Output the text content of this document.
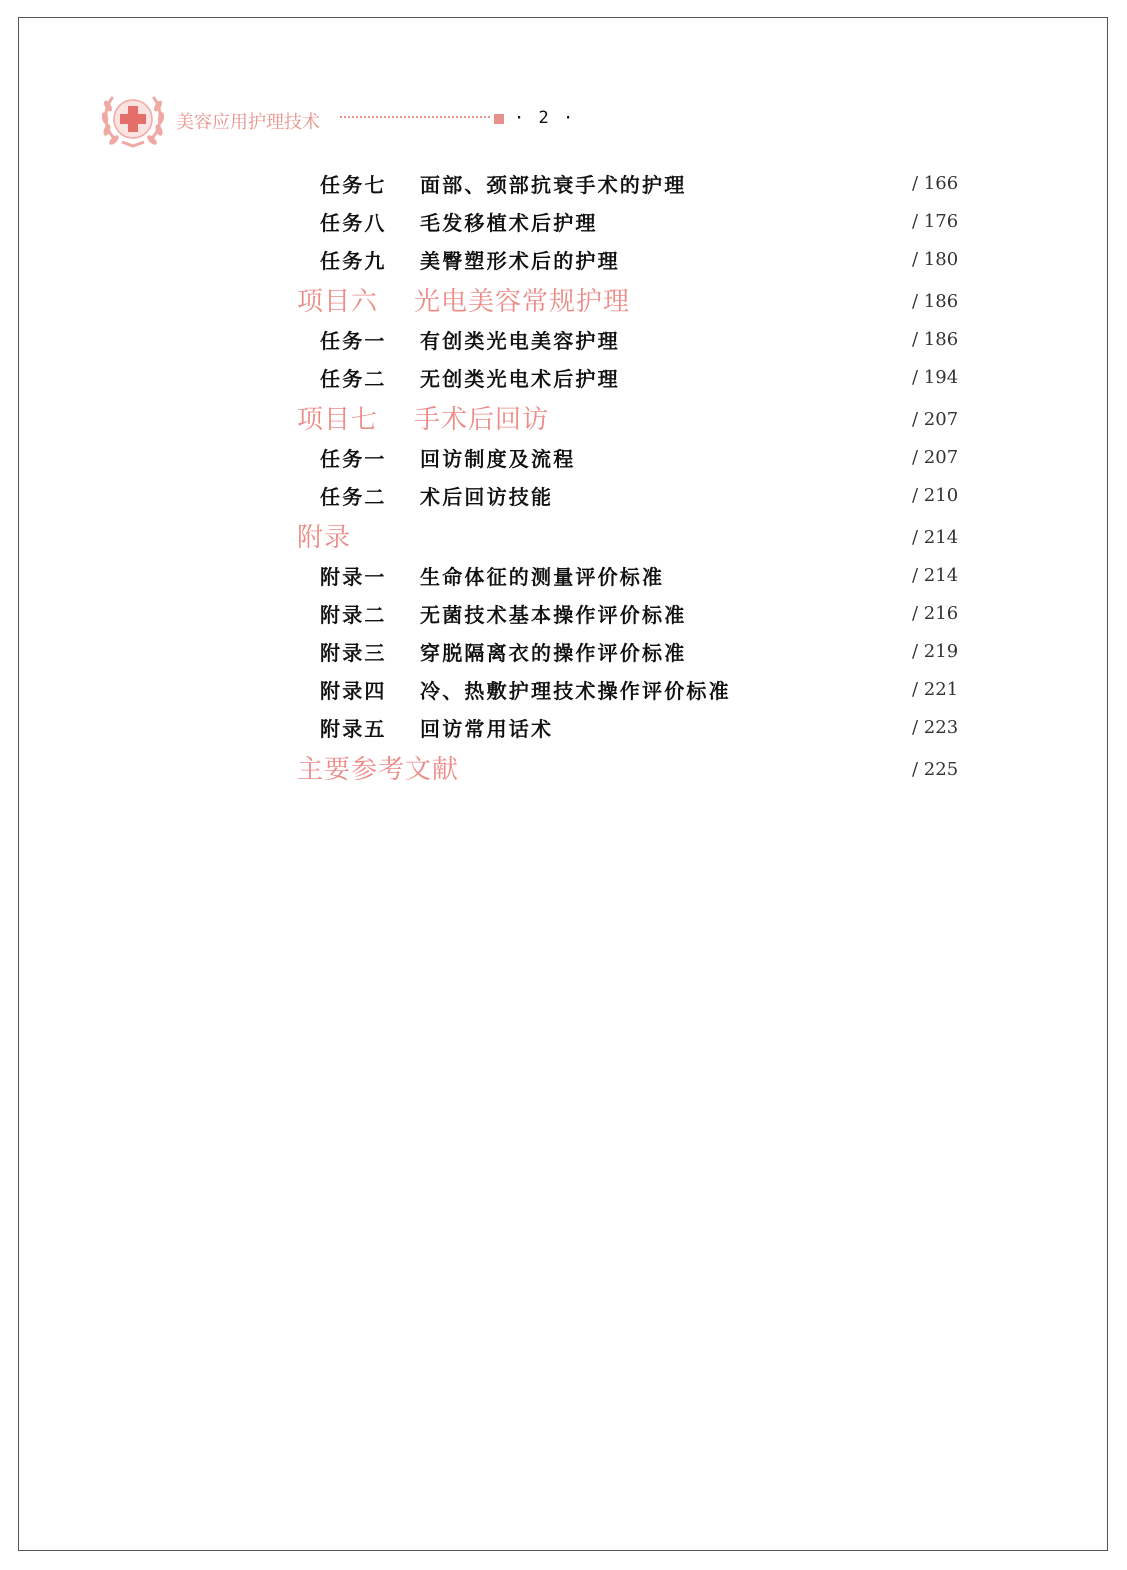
美容应用护理技术	· 2 ·
任务七 面部、颈部抗衰手术的护理	/ 166
任务八 毛发移植术后护理	/ 176
任务九 美臀塑形术后的护理	/ 180
项目六 光电美容常规护理	/ 186
任务一 有创类光电美容护理	/ 186
任务二 无创类光电术后护理	/ 194
项目七 手术后回访	/ 207
任务一 回访制度及流程	/ 207
任务二 术后回访技能	/ 210
附录	/ 214
附录一 生命体征的测量评价标准	/ 214
附录二 无菌技术基本操作评价标准	/ 216
附录三 穿脱隔离衣的操作评价标准	/ 219
附录四 冷、热敷护理技术操作评价标准	/ 221
附录五 回访常用话术	/ 223
主要参考文献	/ 225
